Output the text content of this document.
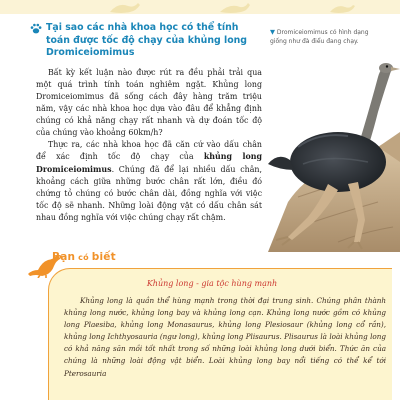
Tại sao các nhà khoa học có thể tính toán được tốc độ chạy của khủng long Dromiceiomimus

Bất kỳ kết luận nào được rút ra đều phải trải qua một quá trình tính toán nghiêm ngặt. Khủng long Dromiceiomimus đã sống cách đây hàng trăm triệu năm, vậy các nhà khoa học dựa vào đâu để khẳng định chúng có khả năng chạy rất nhanh và dự đoán tốc độ của chúng vào khoảng 60km/h?

Thực ra, các nhà khoa học đã căn cứ vào dấu chân để xác định tốc độ chạy của khủng long Dromiceiomimus. Chúng đã để lại nhiều dấu chân, khoảng cách giữa những bước chân rất lớn, điều đó chứng tỏ chúng có bước chân dài, đồng nghĩa với việc tốc độ sẽ nhanh. Những loài động vật có dấu chân sát nhau đồng nghĩa với việc chúng chạy rất chậm.

▼ Dromiceiomimus có hình dạng giống như đà điểu đang chạy.
Bạn có biết
Khủng long - gia tộc hùng mạnh
Khủng long là quần thể hùng mạnh trong thời đại trung sinh. Chúng phân thành khủng long nước, khủng long bay và khủng long cạn. Khủng long nước gồm có khủng long Plaesiba, khủng long Monasaurus, khủng long Plesiosaur (khủng long cổ rắn), khủng long Ichthyosauria (ngư long), khủng long Plisaurus. Plisaurus là loài khủng long có khả năng săn mồi tốt nhất trong số những loài khủng long dưới biển. Thức ăn của chúng là những loài động vật biển. Loài khủng long bay nổi tiếng có thể kể tới Pterosauria
